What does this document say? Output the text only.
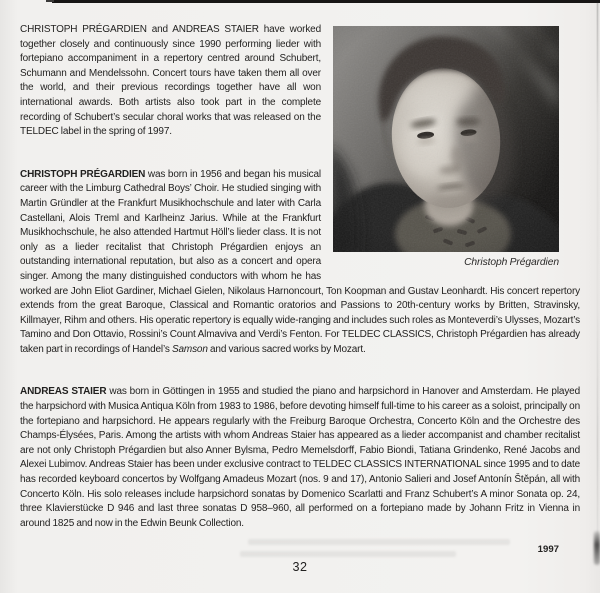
Christoph Prégardien

CHRISTOPH PRÉGARDIEN and ANDREAS STAIER have worked together closely and continuously since 1990 performing lieder with fortepiano accompaniment in a repertory centred around Schubert, Schumann and Mendelssohn. Concert tours have taken them all over the world, and their previous recordings together have all won international awards. Both artists also took part in the complete recording of Schubert’s secular choral works that was released on the TELDEC label in the spring of 1997.

CHRISTOPH PRÉGARDIEN was born in 1956 and began his musical career with the Limburg Cathedral Boys’ Choir. He studied singing with Martin Gründler at the Frankfurt Musikhochschule and later with Carla Castellani, Alois Treml and Karlheinz Jarius. While at the Frankfurt Musikhochschule, he also attended Hartmut Höll’s lieder class. It is not only as a lieder recitalist that Christoph Prégardien enjoys an outstanding international reputation, but also as a concert and opera singer. Among the many distinguished conductors with whom he has worked are John Eliot Gardiner, Michael Gielen, Nikolaus Harnoncourt, Ton Koopman and Gustav Leonhardt. His concert repertory extends from the great Baroque, Classical and Romantic oratorios and Passions to 20th-century works by Britten, Stravinsky, Killmayer, Rihm and others. His operatic repertory is equally wide-ranging and includes such roles as Monteverdi’s Ulysses, Mozart’s Tamino and Don Ottavio, Rossini’s Count Almaviva and Verdi’s Fenton. For TELDEC CLASSICS, Christoph Prégardien has already taken part in recordings of Handel’s Samson and various sacred works by Mozart.

ANDREAS STAIER was born in Göttingen in 1955 and studied the piano and harpsichord in Hanover and Amsterdam. He played the harpsichord with Musica Antiqua Köln from 1983 to 1986, before devoting himself full-time to his career as a soloist, principally on the fortepiano and harpsichord. He appears regularly with the Freiburg Baroque Orchestra, Concerto Köln and the Orchestre des Champs-Élysées, Paris. Among the artists with whom Andreas Staier has appeared as a lieder accompanist and chamber recitalist are not only Christoph Prégardien but also Anner Bylsma, Pedro Memelsdorff, Fabio Biondi, Tatiana Grindenko, René Jacobs and Alexei Lubimov. Andreas Staier has been under exclusive contract to TELDEC CLASSICS INTERNATIONAL since 1995 and to date has recorded keyboard concertos by Wolfgang Amadeus Mozart (nos. 9 and 17), Antonio Salieri and Josef Antonín Štěpán, all with Concerto Köln. His solo releases include harpsichord sonatas by Domenico Scarlatti and Franz Schubert’s A minor Sonata op. 24, three Klavierstücke D 946 and last three sonatas D 958–960, all performed on a fortepiano made by Johann Fritz in Vienna in around 1825 and now in the Edwin Beunk Collection.

1997
32
